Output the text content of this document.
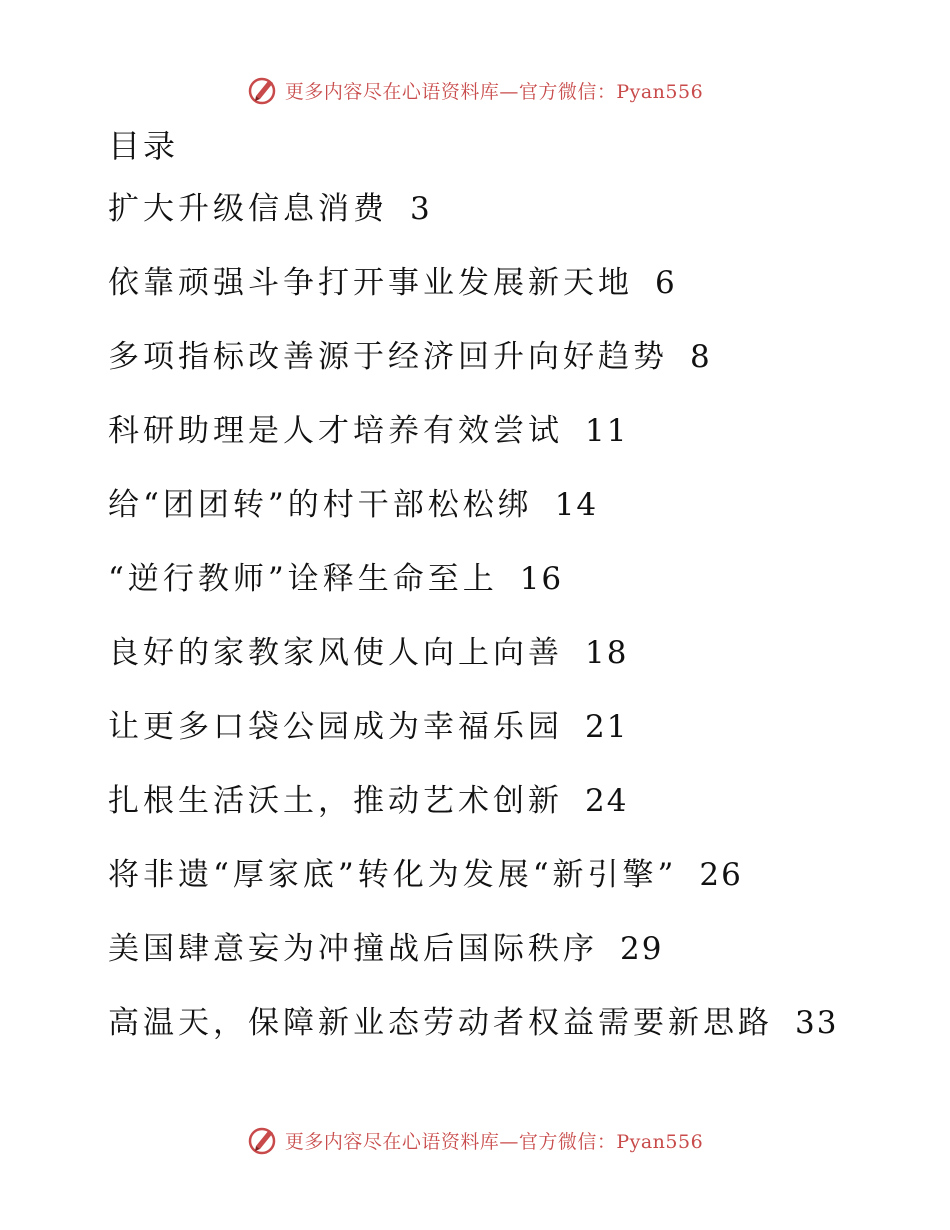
更多内容尽在心语资料库—官方微信：Pyan556
目录
扩大升级信息消费 3
依靠顽强斗争打开事业发展新天地 6
多项指标改善源于经济回升向好趋势 8
科研助理是人才培养有效尝试 11
给“团团转”的村干部松松绑 14
“逆行教师”诠释生命至上 16
良好的家教家风使人向上向善 18
让更多口袋公园成为幸福乐园 21
扎根生活沃土，推动艺术创新 24
将非遗“厚家底”转化为发展“新引擎” 26
美国肆意妄为冲撞战后国际秩序 29
高温天，保障新业态劳动者权益需要新思路 33
更多内容尽在心语资料库—官方微信：Pyan556
